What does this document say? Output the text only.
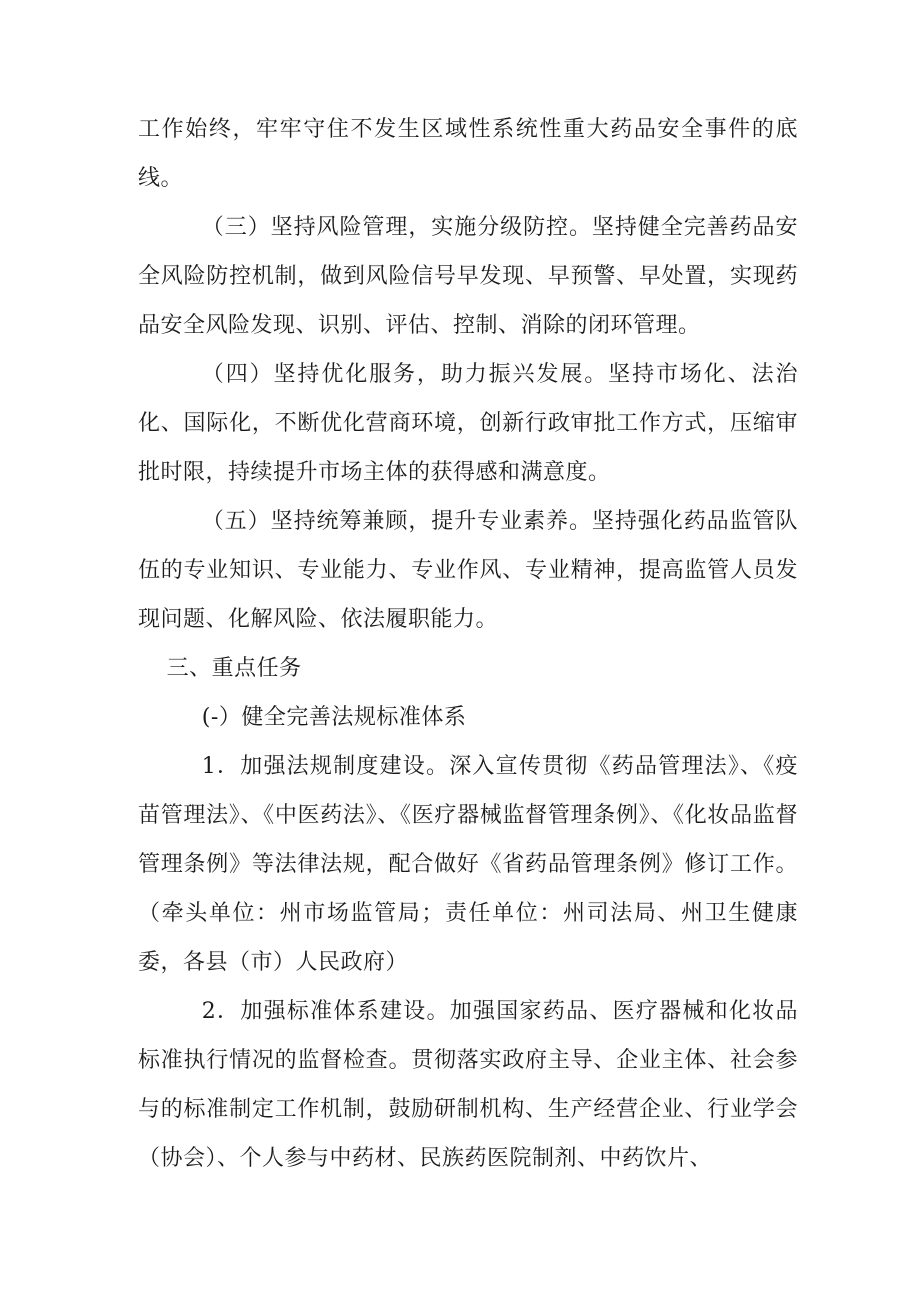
工作始终，牢牢守住不发生区域性系统性重大药品安全事件的底线。

（三）坚持风险管理，实施分级防控。坚持健全完善药品安全风险防控机制，做到风险信号早发现、早预警、早处置，实现药品安全风险发现、识别、评估、控制、消除的闭环管理。

（四）坚持优化服务，助力振兴发展。坚持市场化、法治化、国际化，不断优化营商环境，创新行政审批工作方式，压缩审批时限，持续提升市场主体的获得感和满意度。

（五）坚持统筹兼顾，提升专业素养。坚持强化药品监管队伍的专业知识、专业能力、专业作风、专业精神，提高监管人员发现问题、化解风险、依法履职能力。

三、重点任务

(-）健全完善法规标准体系

1．加强法规制度建设。深入宣传贯彻《药品管理法》、《疫苗管理法》、《中医药法》、《医疗器械监督管理条例》、《化妆品监督管理条例》等法律法规，配合做好《省药品管理条例》修订工作。（牵头单位：州市场监管局；责任单位：州司法局、州卫生健康委，各县（市）人民政府）

2．加强标准体系建设。加强国家药品、医疗器械和化妆品标准执行情况的监督检查。贯彻落实政府主导、企业主体、社会参与的标准制定工作机制，鼓励研制机构、生产经营企业、行业学会（协会）、个人参与中药材、民族药医院制剂、中药饮片、
